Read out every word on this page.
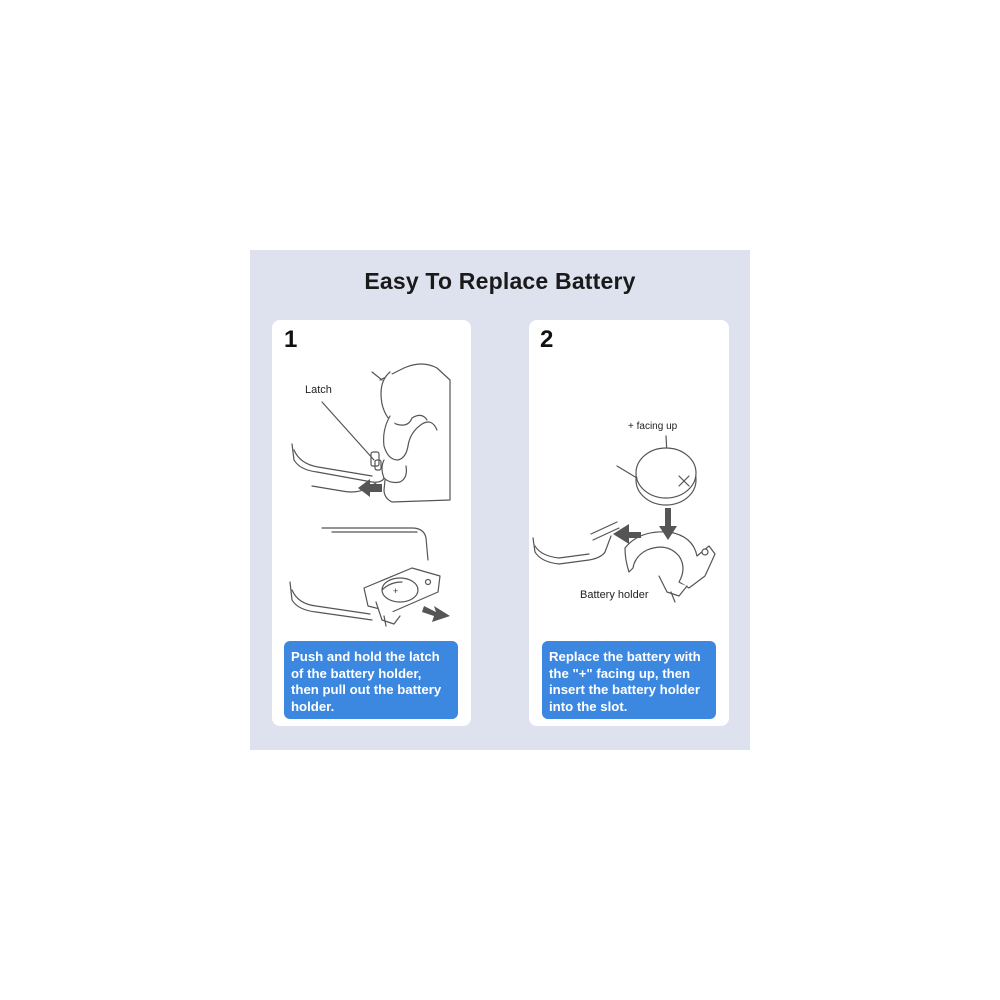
Easy To Replace Battery
1
Latch
+
Push and hold the latch of the battery holder, then pull out the battery holder.
2
+ facing up
Battery holder
Replace the battery with the "+" facing up, then insert the battery holder into the slot.
